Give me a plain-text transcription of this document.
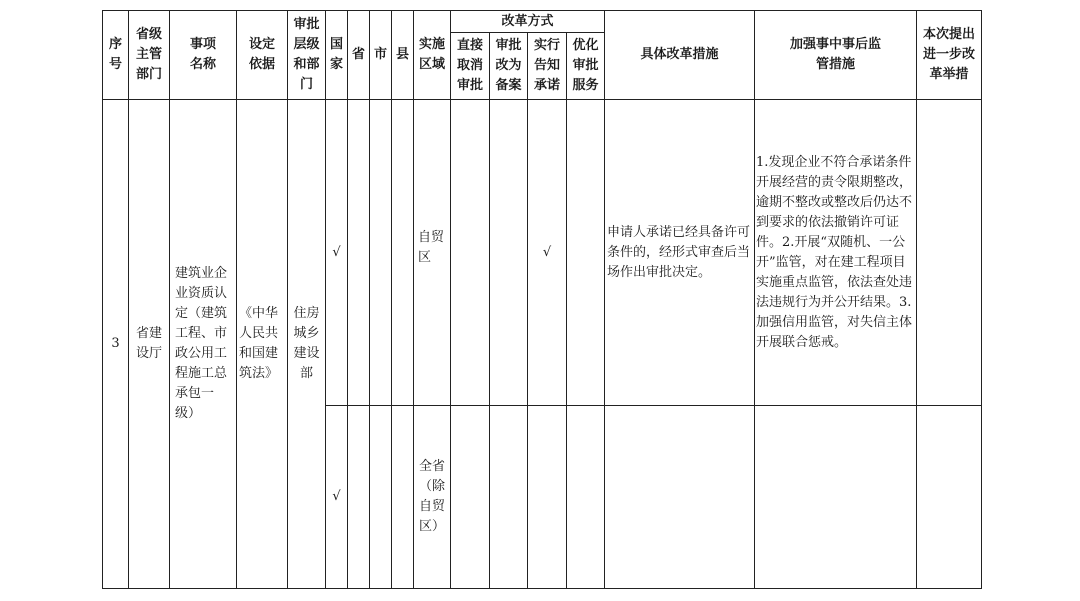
序号	省级主管部门	事项名称	设定依据	审批层级和部门	国家	省	市	县	实施区域	改革方式				具体改革措施	加强事中事后监管措施	本次提出进一步改革举措

										直接取消审批	审批改为备案	实行告知承诺	优化审批服务			

3	省建设厅	建筑业企业资质认定（建筑工程、市政公用工程施工总承包一级）	《中华人民共和国建筑法》	住房城乡建设部	√				自贸区			√		申请人承诺已经具备许可条件的，经形式审查后当场作出审批决定。	1.发现企业不符合承诺条件开展经营的责令限期整改，逾期不整改或整改后仍达不到要求的依法撤销许可证件。2.开展“双随机、一公开”监管，对在建工程项目实施重点监管，依法查处违法违规行为并公开结果。3.加强信用监管，对失信主体开展联合惩戒。	

					√				全省（除自贸区）							
